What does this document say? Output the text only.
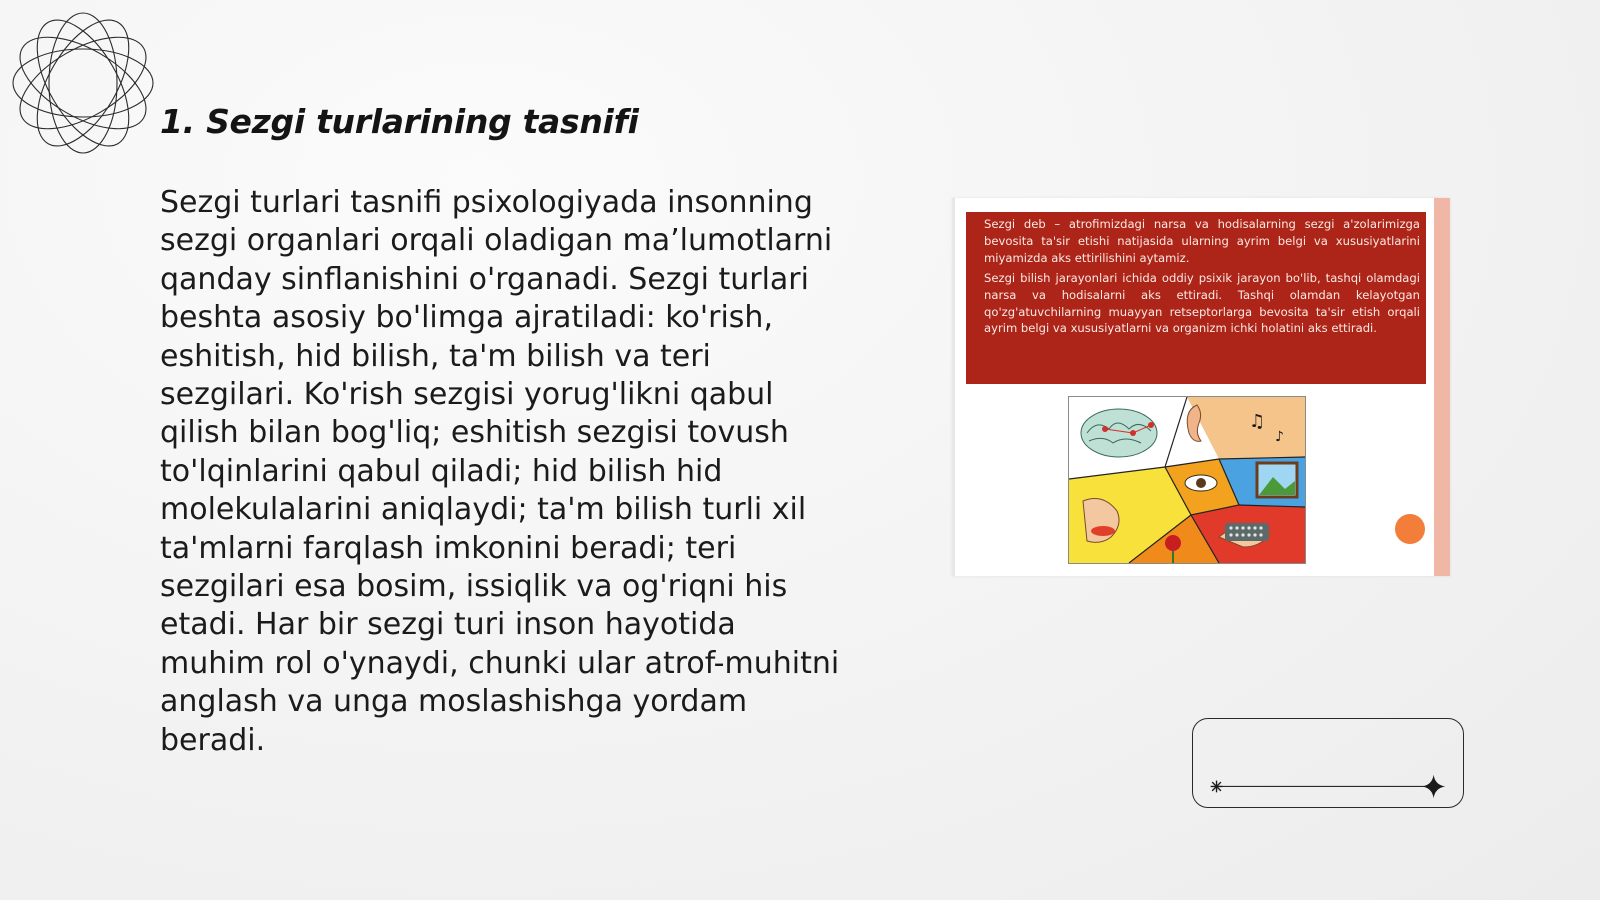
1. Sezgi turlarining tasnifi

Sezgi turlari tasnifi psixologiyada insonning sezgi organlari orqali oladigan ma’lumotlarni qanday sinflanishini o'rganadi. Sezgi turlari beshta asosiy bo'limga ajratiladi: ko'rish, eshitish, hid bilish, ta'm bilish va teri sezgilari. Ko'rish sezgisi yorug'likni qabul qilish bilan bog'liq; eshitish sezgisi tovush to'lqinlarini qabul qiladi; hid bilish hid molekulalarini aniqlaydi; ta'm bilish turli xil ta'mlarni farqlash imkonini beradi; teri sezgilari esa bosim, issiqlik va og'riqni his etadi. Har bir sezgi turi inson hayotida muhim rol o'ynaydi, chunki ular atrof-muhitni anglash va unga moslashishga yordam beradi.

Sezgi deb – atrofimizdagi narsa va hodisalarning sezgi a'zolarimizga bevosita ta'sir etishi natijasida ularning ayrim belgi va xususiyatlarini miyamizda aks ettirilishini aytamiz.

Sezgi bilish jarayonlari ichida oddiy psixik jarayon bo'lib, tashqi olamdagi narsa va hodisalarni aks ettiradi. Tashqi olamdan kelayotgan qo'zg'atuvchilarning muayyan retseptorlarga bevosita ta'sir etish orqali ayrim belgi va xususiyatlarni va organizm ichki holatini aks ettiradi.

♫
♪
